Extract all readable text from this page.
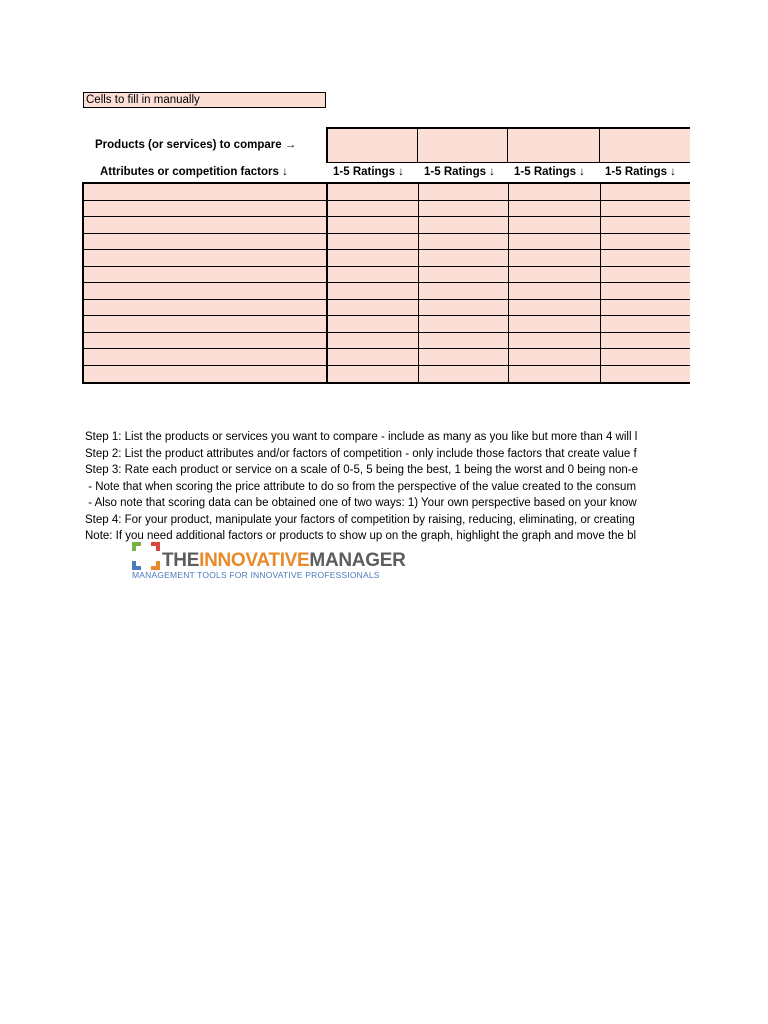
Cells to fill in manually
Products (or services) to compare →
Attributes or competition factors ↓	1-5 Ratings ↓ 1-5 Ratings ↓ 1-5 Ratings ↓ 1-5 Ratings ↓
Step 1: List the products or services you want to compare - include as many as you like but more than 4 will l
Step 2: List the product attributes and/or factors of competition - only include those factors that create value f
Step 3: Rate each product or service on a scale of 0-5, 5 being the best, 1 being the worst and 0 being non-e
- Note that when scoring the price attribute to do so from the perspective of the value created to the consum
- Also note that scoring data can be obtained one of two ways: 1) Your own perspective based on your know
Step 4: For your product, manipulate your factors of competition by raising, reducing, eliminating, or creating
Note: If you need additional factors or products to show up on the graph, highlight the graph and move the bl
THEINNOVATIVEMANAGER
MANAGEMENT TOOLS FOR INNOVATIVE PROFESSIONALS
